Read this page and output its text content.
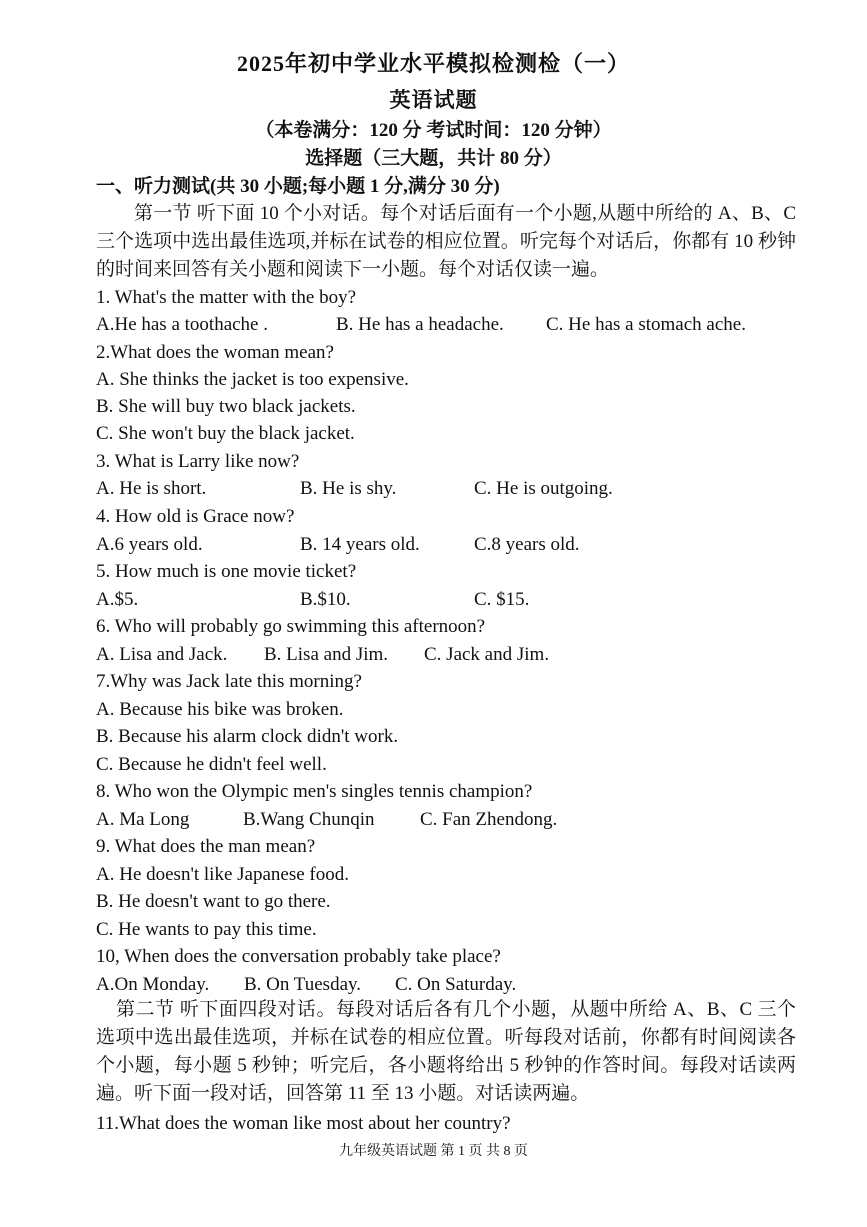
2025年初中学业水平模拟检测检（一）
英语试题
（本卷满分：120 分 考试时间：120 分钟）
选择题（三大题，共计 80 分）
一、听力测试(共 30 小题;每小题 1 分,满分 30 分)
第一节 听下面 10 个小对话。每个对话后面有一个小题,从题中所给的 A、B、C 三个选项中选出最佳选项,并标在试卷的相应位置。听完每个对话后，你都有 10 秒钟的时间来回答有关小题和阅读下一小题。每个对话仅读一遍。
1. What's the matter with the boy?
A.He has a toothache .	B. He has a headache. C. He has a stomach ache.
2.What does the woman mean?
A. She thinks the jacket is too expensive.
B. She will buy two black jackets.
C. She won't buy the black jacket.
3. What is Larry like now?
A. He is short.	B. He is shy.	C. He is outgoing.
4. How old is Grace now?
A.6 years old.	B. 14 years old.	C.8 years old.
5. How much is one movie ticket?
A.$5.	B.$10.	C. $15.
6. Who will probably go swimming this afternoon?
A. Lisa and Jack. B. Lisa and Jim. C. Jack and Jim.
7.Why was Jack late this morning?
A. Because his bike was broken.
B. Because his alarm clock didn't work.
C. Because he didn't feel well.
8. Who won the Olympic men's singles tennis champion?
A. Ma Long	B.Wang Chunqin C. Fan Zhendong.
9. What does the man mean?
A. He doesn't like Japanese food.
B. He doesn't want to go there.
C. He wants to pay this time.
10, When does the conversation probably take place?
A.On Monday. B. On Tuesday. C. On Saturday.
第二节 听下面四段对话。每段对话后各有几个小题，从题中所给 A、B、C 三个选项中选出最佳选项，并标在试卷的相应位置。听每段对话前，你都有时间阅读各个小题，每小题 5 秒钟；听完后，各小题将给出 5 秒钟的作答时间。每段对话读两遍。听下面一段对话，回答第 11 至 13 小题。对话读两遍。
11.What does the woman like most about her country?
九年级英语试题 第 1 页 共 8 页
